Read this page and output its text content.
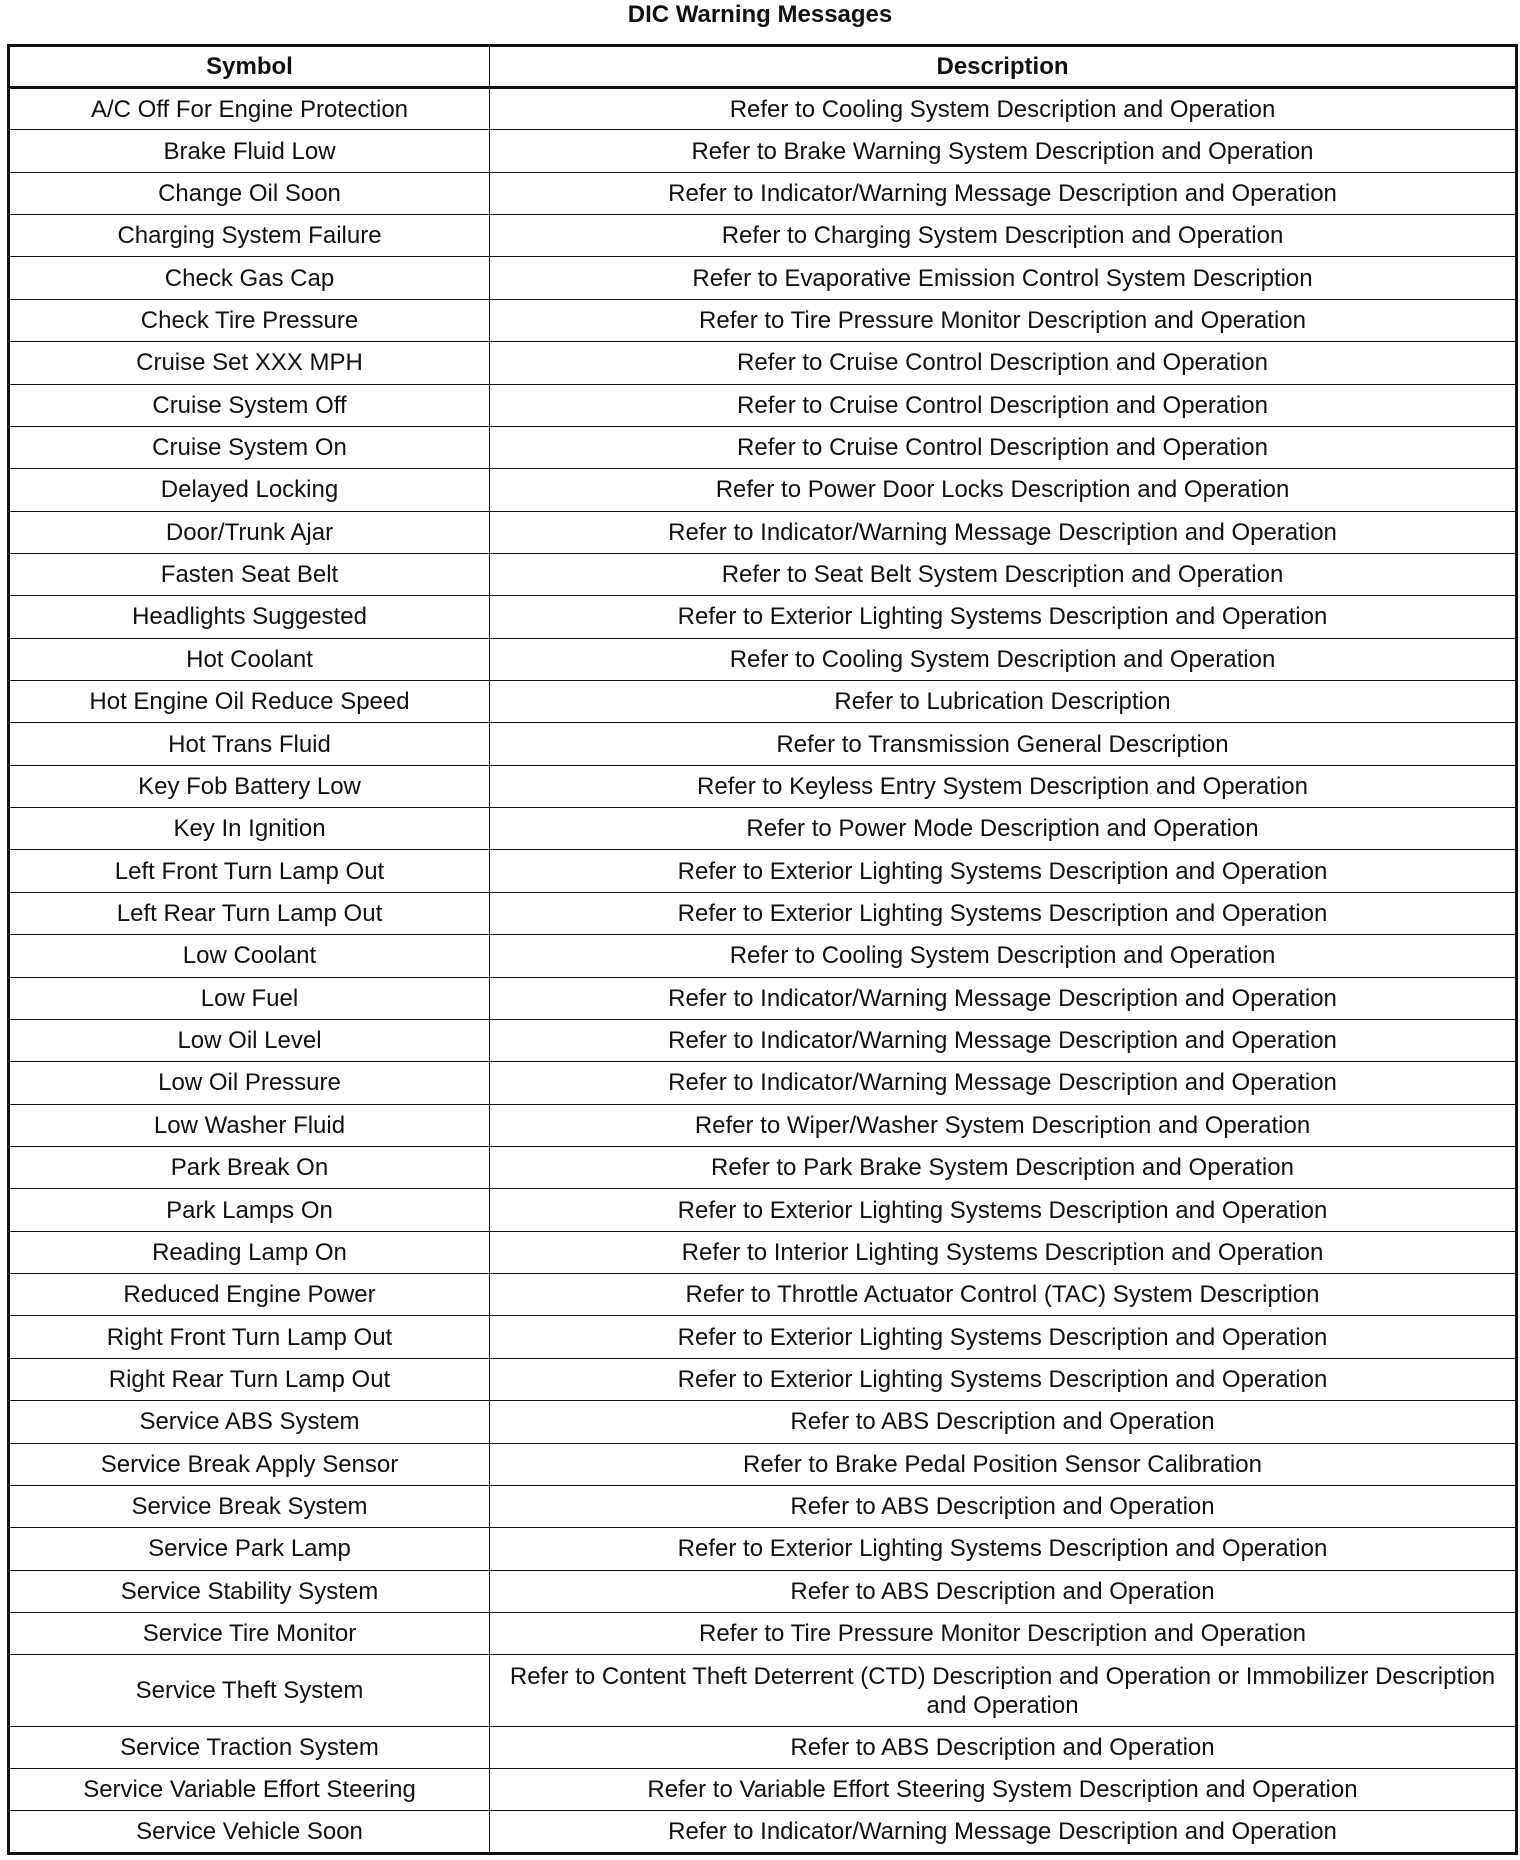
DIC Warning Messages
Symbol	Description
A/C Off For Engine Protection	Refer to Cooling System Description and Operation
Brake Fluid Low	Refer to Brake Warning System Description and Operation
Change Oil Soon	Refer to Indicator/Warning Message Description and Operation
Charging System Failure	Refer to Charging System Description and Operation
Check Gas Cap	Refer to Evaporative Emission Control System Description
Check Tire Pressure	Refer to Tire Pressure Monitor Description and Operation
Cruise Set XXX MPH	Refer to Cruise Control Description and Operation
Cruise System Off	Refer to Cruise Control Description and Operation
Cruise System On	Refer to Cruise Control Description and Operation
Delayed Locking	Refer to Power Door Locks Description and Operation
Door/Trunk Ajar	Refer to Indicator/Warning Message Description and Operation
Fasten Seat Belt	Refer to Seat Belt System Description and Operation
Headlights Suggested	Refer to Exterior Lighting Systems Description and Operation
Hot Coolant	Refer to Cooling System Description and Operation
Hot Engine Oil Reduce Speed	Refer to Lubrication Description
Hot Trans Fluid	Refer to Transmission General Description
Key Fob Battery Low	Refer to Keyless Entry System Description and Operation
Key In Ignition	Refer to Power Mode Description and Operation
Left Front Turn Lamp Out	Refer to Exterior Lighting Systems Description and Operation
Left Rear Turn Lamp Out	Refer to Exterior Lighting Systems Description and Operation
Low Coolant	Refer to Cooling System Description and Operation
Low Fuel	Refer to Indicator/Warning Message Description and Operation
Low Oil Level	Refer to Indicator/Warning Message Description and Operation
Low Oil Pressure	Refer to Indicator/Warning Message Description and Operation
Low Washer Fluid	Refer to Wiper/Washer System Description and Operation
Park Break On	Refer to Park Brake System Description and Operation
Park Lamps On	Refer to Exterior Lighting Systems Description and Operation
Reading Lamp On	Refer to Interior Lighting Systems Description and Operation
Reduced Engine Power	Refer to Throttle Actuator Control (TAC) System Description
Right Front Turn Lamp Out	Refer to Exterior Lighting Systems Description and Operation
Right Rear Turn Lamp Out	Refer to Exterior Lighting Systems Description and Operation
Service ABS System	Refer to ABS Description and Operation
Service Break Apply Sensor	Refer to Brake Pedal Position Sensor Calibration
Service Break System	Refer to ABS Description and Operation
Service Park Lamp	Refer to Exterior Lighting Systems Description and Operation
Service Stability System	Refer to ABS Description and Operation
Service Tire Monitor	Refer to Tire Pressure Monitor Description and Operation
Service Theft System	Refer to Content Theft Deterrent (CTD) Description and Operation or Immobilizer Description and Operation
Service Traction System	Refer to ABS Description and Operation
Service Variable Effort Steering	Refer to Variable Effort Steering System Description and Operation
Service Vehicle Soon	Refer to Indicator/Warning Message Description and Operation
